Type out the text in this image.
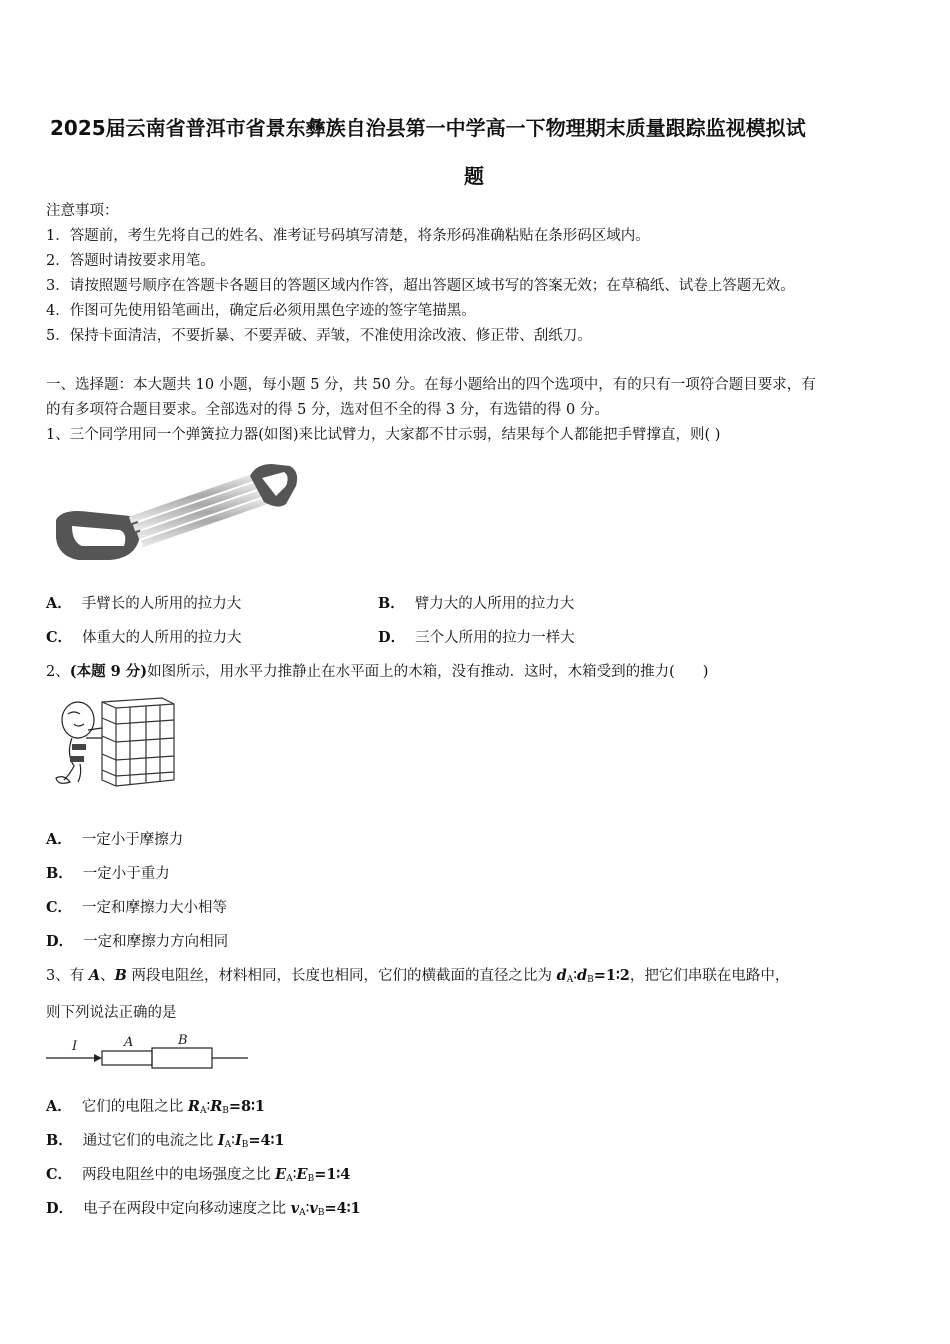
2025届云南省普洱市省景东彝族自治县第一中学高一下物理期末质量跟踪监视模拟试
题
注意事项：
1．答题前，考生先将自己的姓名、准考证号码填写清楚，将条形码准确粘贴在条形码区域内。
2．答题时请按要求用笔。
3．请按照题号顺序在答题卡各题目的答题区域内作答，超出答题区域书写的答案无效；在草稿纸、试卷上答题无效。
4．作图可先使用铅笔画出，确定后必须用黑色字迹的签字笔描黑。
5．保持卡面清洁，不要折暴、不要弄破、弄皱，不准使用涂改液、修正带、刮纸刀。
一、选择题：本大题共 10 小题，每小题 5 分，共 50 分。在每小题给出的四个选项中，有的只有一项符合题目要求，有
的有多项符合题目要求。全部选对的得 5 分，选对但不全的得 3 分，有选错的得 0 分。
1、三个同学用同一个弹簧拉力器(如图)来比试臂力，大家都不甘示弱，结果每个人都能把手臂撑直，则( )
A． 手臂长的人所用的拉力大	B． 臂力大的人所用的拉力大
C． 体重大的人所用的拉力大	D． 三个人所用的拉力一样大
2、(本题 9 分)如图所示，用水平力推静止在水平面上的木箱，没有推动．这时，木箱受到的推力( )
A． 一定小于摩擦力
B． 一定小于重力
C． 一定和摩擦力大小相等
D． 一定和摩擦力方向相同
3、有 A、B 两段电阻丝，材料相同，长度也相同，它们的横截面的直径之比为 $d_A∶d_B=1∶2$，把它们串联在电路中，
则下列说法正确的是
I	A	B
A． 它们的电阻之比 $R_A∶R_B=8∶1$
B． 通过它们的电流之比 $I_A∶I_B=4∶1$
C． 两段电阻丝中的电场强度之比 $E_A∶E_B=1∶4$
D． 电子在两段中定向移动速度之比 $v_A∶v_B=4∶1$
